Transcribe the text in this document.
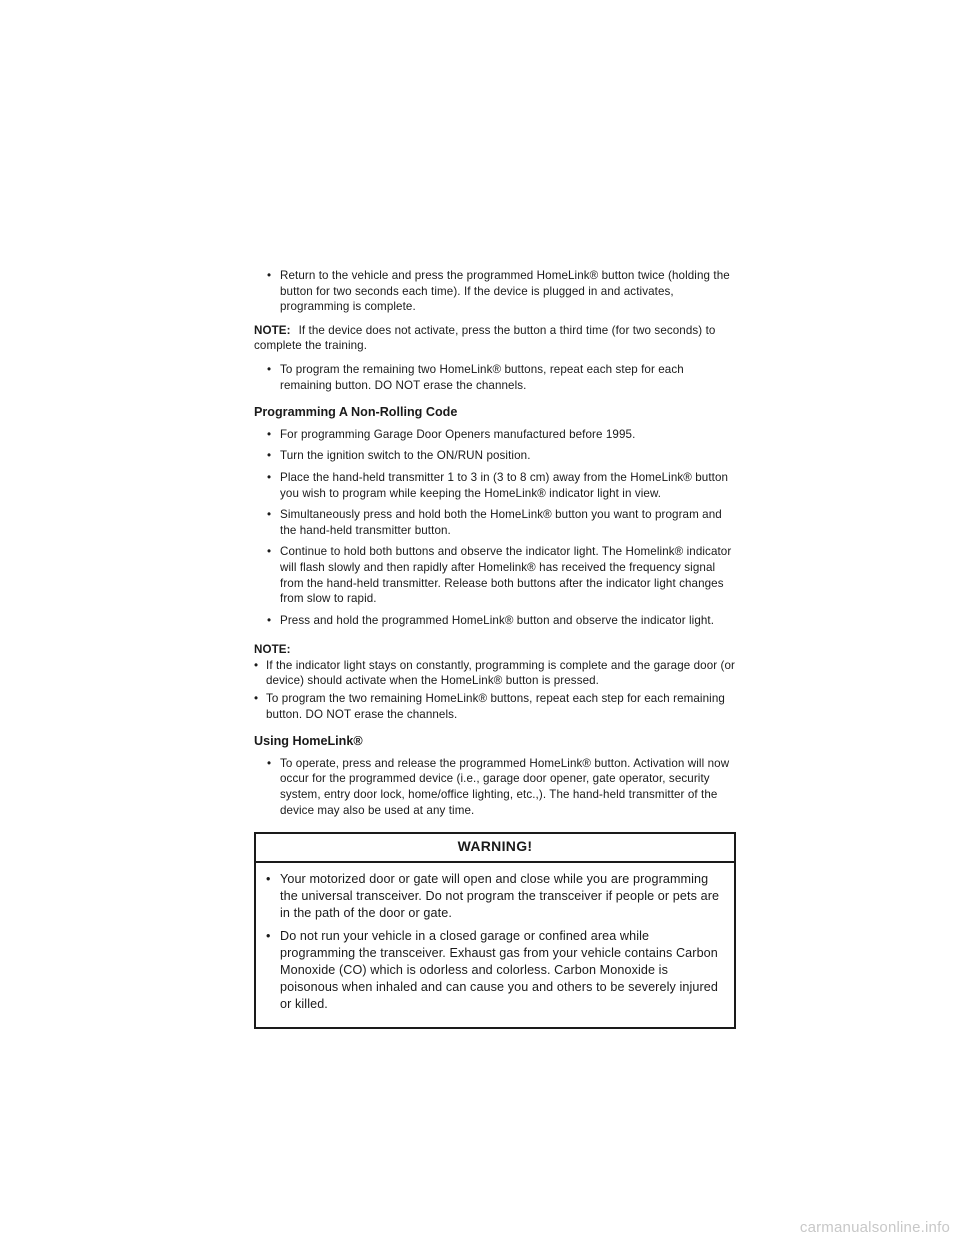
• Return to the vehicle and press the programmed HomeLink® button twice (holding the button for two seconds each time). If the device is plugged in and activates, programming is complete.
NOTE: If the device does not activate, press the button a third time (for two seconds) to complete the training.
• To program the remaining two HomeLink® buttons, repeat each step for each remaining button. DO NOT erase the channels.
Programming A Non-Rolling Code
• For programming Garage Door Openers manufactured before 1995.
• Turn the ignition switch to the ON/RUN position.
• Place the hand-held transmitter 1 to 3 in (3 to 8 cm) away from the HomeLink® button you wish to program while keeping the HomeLink® indicator light in view.
• Simultaneously press and hold both the HomeLink® button you want to program and the hand-held transmitter button.
• Continue to hold both buttons and observe the indicator light. The Homelink® indicator will flash slowly and then rapidly after Homelink® has received the frequency signal from the hand-held transmitter. Release both buttons after the indicator light changes from slow to rapid.
• Press and hold the programmed HomeLink® button and observe the indicator light.
NOTE:
• If the indicator light stays on constantly, programming is complete and the garage door (or device) should activate when the HomeLink® button is pressed.
• To program the two remaining HomeLink® buttons, repeat each step for each remaining button. DO NOT erase the channels.
Using HomeLink®
• To operate, press and release the programmed HomeLink® button. Activation will now occur for the programmed device (i.e., garage door opener, gate operator, security system, entry door lock, home/office lighting, etc.,). The hand-held transmitter of the device may also be used at any time.
WARNING!
• Your motorized door or gate will open and close while you are programming the universal transceiver. Do not program the transceiver if people or pets are in the path of the door or gate.
• Do not run your vehicle in a closed garage or confined area while programming the transceiver. Exhaust gas from your vehicle contains Carbon Monoxide (CO) which is odorless and colorless. Carbon Monoxide is poisonous when inhaled and can cause you and others to be severely injured or killed.
carmanualsonline.info
